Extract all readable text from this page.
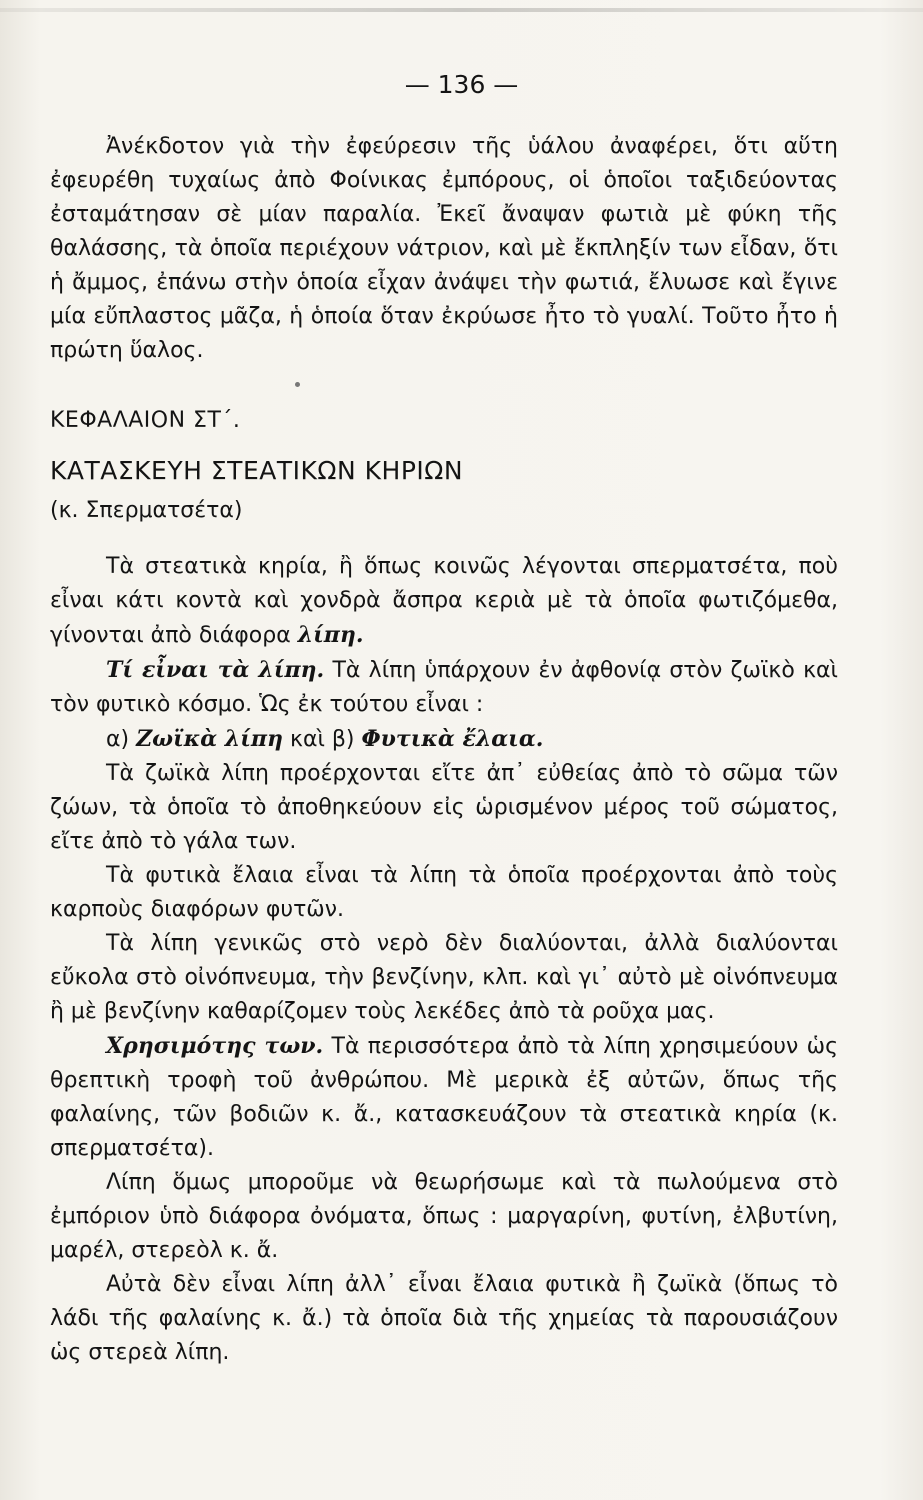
— 136 —

Ἀνέκδοτον γιὰ τὴν ἐφεύρεσιν τῆς ὑάλου ἀναφέρει, ὅτι αὕτη ἐφευρέθη τυχαίως ἀπὸ Φοίνικας ἐμπόρους, οἱ ὁποῖοι ταξιδεύοντας ἐσταμάτησαν σὲ μίαν παραλία. Ἐκεῖ ἄναψαν φωτιὰ μὲ φύκη τῆς θαλάσσης, τὰ ὁποῖα περιέχουν νάτριον, καὶ μὲ ἔκπληξίν των εἶδαν, ὅτι ἡ ἄμμος, ἐπάνω στὴν ὁποία εἶχαν ἀνάψει τὴν φωτιά, ἔλυωσε καὶ ἔγινε μία εὔπλαστος μᾶζα, ἡ ὁποία ὅταν ἐκρύωσε ἦτο τὸ γυαλί. Τοῦτο ἦτο ἡ πρώτη ὕαλος.

ΚΕΦΑΛΑΙΟΝ ΣΤ΄.

ΚΑΤΑΣΚΕΥΗ ΣΤΕΑΤΙΚΩΝ ΚΗΡΙΩΝ

(κ. Σπερματσέτα)

Τὰ στεατικὰ κηρία, ἢ ὅπως κοινῶς λέγονται σπερματσέτα, ποὺ εἶναι κάτι κοντὰ καὶ χονδρὰ ἄσπρα κεριὰ μὲ τὰ ὁποῖα φωτιζόμεθα, γίνονται ἀπὸ διάφορα λίπη.

Τί εἶναι τὰ λίπη. Τὰ λίπη ὑπάρχουν ἐν ἀφθονίᾳ στὸν ζωϊκὸ καὶ τὸν φυτικὸ κόσμο. Ὡς ἐκ τούτου εἶναι :

α) Ζωϊκὰ λίπη καὶ β) Φυτικὰ ἔλαια.

Τὰ ζωϊκὰ λίπη προέρχονται εἴτε ἀπ᾿ εὐθείας ἀπὸ τὸ σῶμα τῶν ζώων, τὰ ὁποῖα τὸ ἀποθηκεύουν εἰς ὡρισμένον μέρος τοῦ σώματος, εἴτε ἀπὸ τὸ γάλα των.

Τὰ φυτικὰ ἔλαια εἶναι τὰ λίπη τὰ ὁποῖα προέρχονται ἀπὸ τοὺς καρποὺς διαφόρων φυτῶν.

Τὰ λίπη γενικῶς στὸ νερὸ δὲν διαλύονται, ἀλλὰ διαλύονται εὔκολα στὸ οἰνόπνευμα, τὴν βενζίνην, κλπ. καὶ γι᾿ αὐτὸ μὲ οἰνόπνευμα ἢ μὲ βενζίνην καθαρίζομεν τοὺς λεκέδες ἀπὸ τὰ ροῦχα μας.

Χρησιμότης των. Τὰ περισσότερα ἀπὸ τὰ λίπη χρησιμεύουν ὡς θρεπτικὴ τροφὴ τοῦ ἀνθρώπου. Μὲ μερικὰ ἐξ αὐτῶν, ὅπως τῆς φαλαίνης, τῶν βοδιῶν κ. ἄ., κατασκευάζουν τὰ στεατικὰ κηρία (κ. σπερματσέτα).

Λίπη ὅμως μποροῦμε νὰ θεωρήσωμε καὶ τὰ πωλούμενα στὸ ἐμπόριον ὑπὸ διάφορα ὀνόματα, ὅπως : μαργαρίνη, φυτίνη, ἐλβυτίνη, μαρέλ, στερεὸλ κ. ἄ.

Αὐτὰ δὲν εἶναι λίπη ἀλλ᾿ εἶναι ἔλαια φυτικὰ ἢ ζωϊκὰ (ὅπως τὸ λάδι τῆς φαλαίνης κ. ἄ.) τὰ ὁποῖα διὰ τῆς χημείας τὰ παρουσιάζουν ὡς στερεὰ λίπη.
